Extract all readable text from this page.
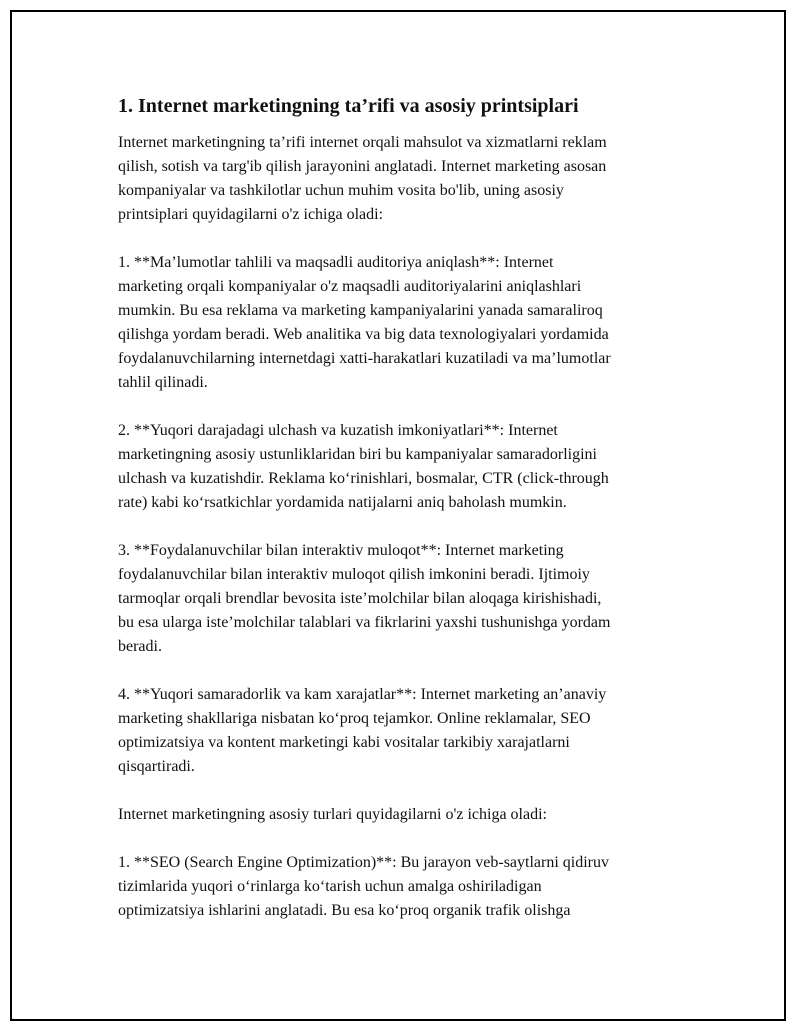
1. Internet marketingning ta’rifi va asosiy printsiplari

Internet marketingning ta’rifi internet orqali mahsulot va xizmatlarni reklam
qilish, sotish va targ'ib qilish jarayonini anglatadi. Internet marketing asosan
kompaniyalar va tashkilotlar uchun muhim vosita bo'lib, uning asosiy
printsiplari quyidagilarni o'z ichiga oladi:

1. **Ma’lumotlar tahlili va maqsadli auditoriya aniqlash**: Internet
marketing orqali kompaniyalar o'z maqsadli auditoriyalarini aniqlashlari
mumkin. Bu esa reklama va marketing kampaniyalarini yanada samaraliroq
qilishga yordam beradi. Web analitika va big data texnologiyalari yordamida
foydalanuvchilarning internetdagi xatti-harakatlari kuzatiladi va ma’lumotlar
tahlil qilinadi.

2. **Yuqori darajadagi ulchash va kuzatish imkoniyatlari**: Internet
marketingning asosiy ustunliklaridan biri bu kampaniyalar samaradorligini
ulchash va kuzatishdir. Reklama ko‘rinishlari, bosmalar, CTR (click-through
rate) kabi ko‘rsatkichlar yordamida natijalarni aniq baholash mumkin.

3. **Foydalanuvchilar bilan interaktiv muloqot**: Internet marketing
foydalanuvchilar bilan interaktiv muloqot qilish imkonini beradi. Ijtimoiy
tarmoqlar orqali brendlar bevosita iste’molchilar bilan aloqaga kirishishadi,
bu esa ularga iste’molchilar talablari va fikrlarini yaxshi tushunishga yordam
beradi.

4. **Yuqori samaradorlik va kam xarajatlar**: Internet marketing an’anaviy
marketing shakllariga nisbatan ko‘proq tejamkor. Online reklamalar, SEO
optimizatsiya va kontent marketingi kabi vositalar tarkibiy xarajatlarni
qisqartiradi.

Internet marketingning asosiy turlari quyidagilarni o'z ichiga oladi:

1. **SEO (Search Engine Optimization)**: Bu jarayon veb-saytlarni qidiruv
tizimlarida yuqori o‘rinlarga ko‘tarish uchun amalga oshiriladigan
optimizatsiya ishlarini anglatadi. Bu esa ko‘proq organik trafik olishga
